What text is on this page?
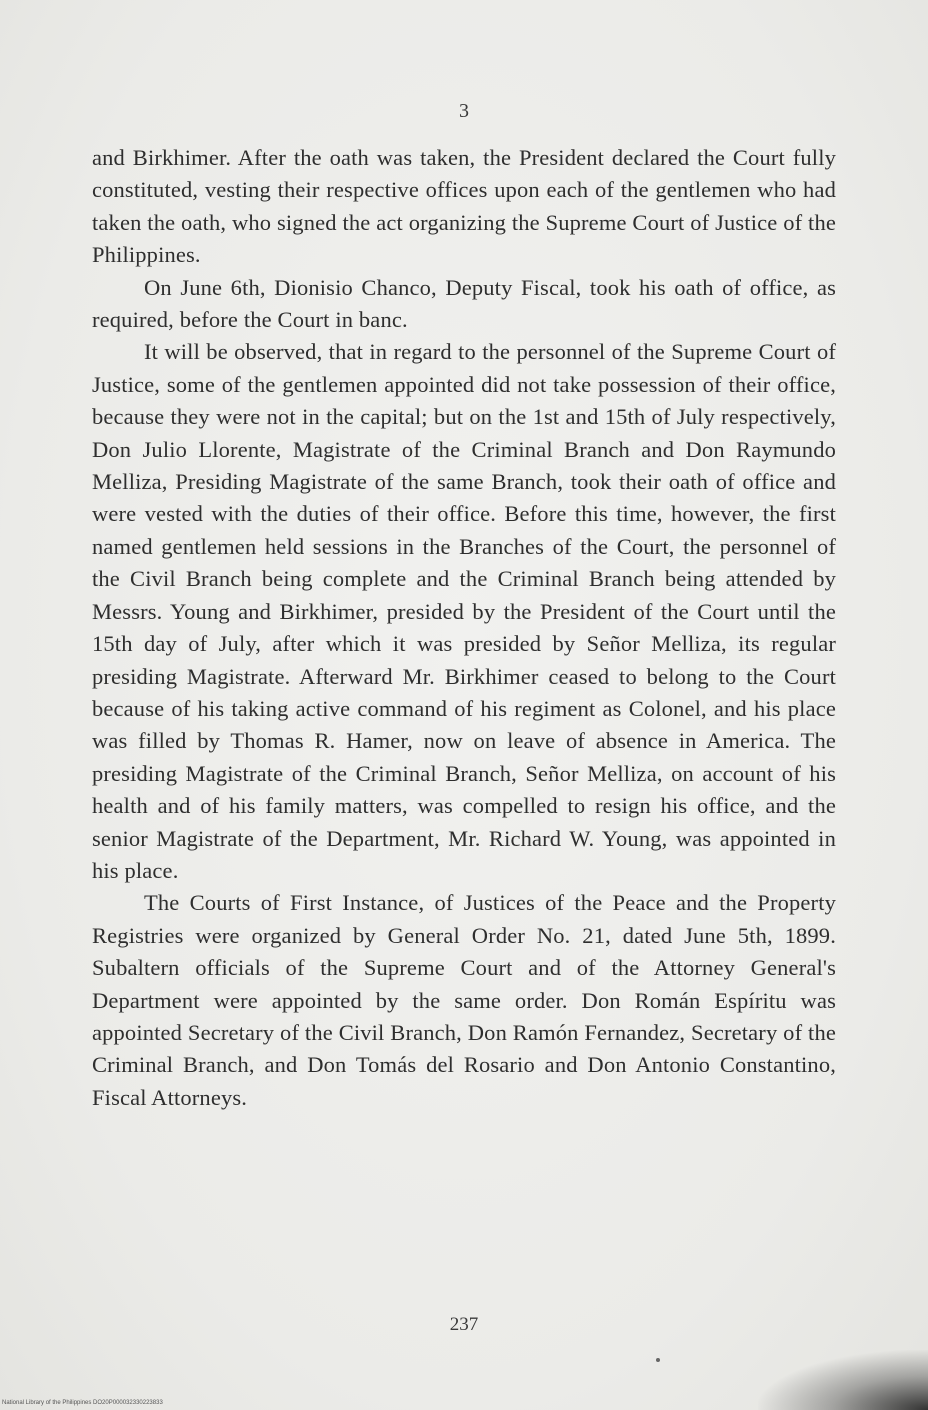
3

and Birkhimer. After the oath was taken, the President declared the Court fully constituted, vesting their respective offices upon each of the gentlemen who had taken the oath, who signed the act organizing the Supreme Court of Justice of the Philippines.

On June 6th, Dionisio Chanco, Deputy Fiscal, took his oath of office, as required, before the Court in banc.

It will be observed, that in regard to the personnel of the Supreme Court of Justice, some of the gentlemen appointed did not take possession of their office, because they were not in the capital; but on the 1st and 15th of July respectively, Don Julio Llorente, Magistrate of the Criminal Branch and Don Raymundo Melliza, Presiding Magistrate of the same Branch, took their oath of office and were vested with the duties of their office. Before this time, however, the first named gentlemen held sessions in the Branches of the Court, the personnel of the Civil Branch being complete and the Criminal Branch being attended by Messrs. Young and Birkhimer, presided by the President of the Court until the 15th day of July, after which it was presided by Señor Melliza, its regular presiding Magistrate. Afterward Mr. Birkhimer ceased to belong to the Court because of his taking active command of his regiment as Colonel, and his place was filled by Thomas R. Hamer, now on leave of absence in America. The presiding Magistrate of the Criminal Branch, Señor Melliza, on account of his health and of his family matters, was compelled to resign his office, and the senior Magistrate of the Department, Mr. Richard W. Young, was appointed in his place.

The Courts of First Instance, of Justices of the Peace and the Property Registries were organized by General Order No. 21, dated June 5th, 1899. Subaltern officials of the Supreme Court and of the Attorney General's Department were appointed by the same order. Don Román Espíritu was appointed Secretary of the Civil Branch, Don Ramón Fernandez, Secretary of the Criminal Branch, and Don Tomás del Rosario and Don Antonio Constantino, Fiscal Attorneys.

237
National Library of the Philippines DO20P000032330223833
